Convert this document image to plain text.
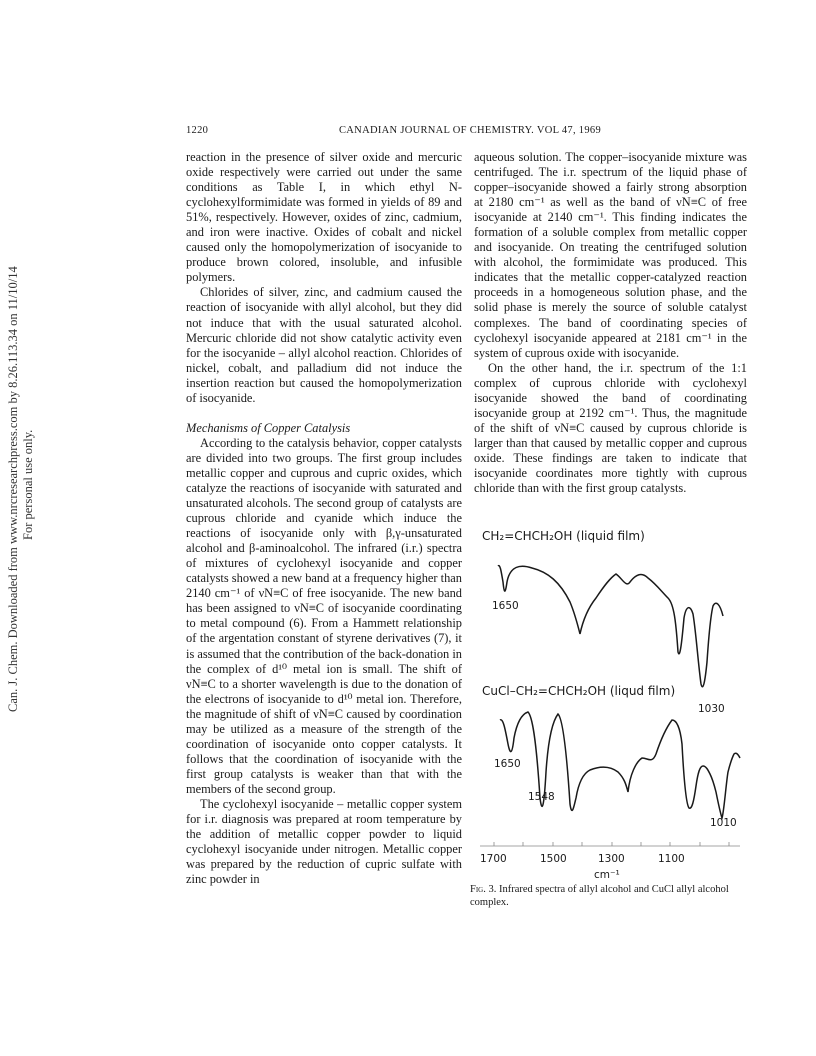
Can. J. Chem. Downloaded from www.nrcresearchpress.com by 8.26.113.34 on 11/10/14 For personal use only.
1220	CANADIAN JOURNAL OF CHEMISTRY. VOL 47, 1969

reaction in the presence of silver oxide and mercuric oxide respectively were carried out under the same conditions as Table I, in which ethyl N-cyclohexylformimidate was formed in yields of 89 and 51%, respectively. However, oxides of zinc, cadmium, and iron were inactive. Oxides of cobalt and nickel caused only the homopolymerization of isocyanide to produce brown colored, insoluble, and infusible polymers.

Chlorides of silver, zinc, and cadmium caused the reaction of isocyanide with allyl alcohol, but they did not induce that with the usual saturated alcohol. Mercuric chloride did not show catalytic activity even for the isocyanide – allyl alcohol reaction. Chlorides of nickel, cobalt, and palladium did not induce the insertion reaction but caused the homopolymerization of isocyanide.

Mechanisms of Copper Catalysis

According to the catalysis behavior, copper catalysts are divided into two groups. The first group includes metallic copper and cuprous and cupric oxides, which catalyze the reactions of isocyanide with saturated and unsaturated alcohols. The second group of catalysts are cuprous chloride and cyanide which induce the reactions of isocyanide only with β,γ-unsaturated alcohol and β-aminoalcohol. The infrared (i.r.) spectra of mixtures of cyclohexyl isocyanide and copper catalysts showed a new band at a frequency higher than 2140 cm⁻¹ of νN≡C of free isocyanide. The new band has been assigned to νN≡C of isocyanide coordinating to metal compound (6). From a Hammett relationship of the argentation constant of styrene derivatives (7), it is assumed that the contribution of the back-donation in the complex of d¹⁰ metal ion is small. The shift of νN≡C to a shorter wavelength is due to the donation of the electrons of isocyanide to d¹⁰ metal ion. Therefore, the magnitude of shift of νN≡C caused by coordination may be utilized as a measure of the strength of the coordination of isocyanide onto copper catalysts. It follows that the coordination of isocyanide with the first group catalysts is weaker than that with the members of the second group.

The cyclohexyl isocyanide – metallic copper system for i.r. diagnosis was prepared at room temperature by the addition of metallic copper powder to liquid cyclohexyl isocyanide under nitrogen. Metallic copper was prepared by the reduction of cupric sulfate with zinc powder in

aqueous solution. The copper–isocyanide mixture was centrifuged. The i.r. spectrum of the liquid phase of copper–isocyanide showed a fairly strong absorption at 2180 cm⁻¹ as well as the band of νN≡C of free isocyanide at 2140 cm⁻¹. This finding indicates the formation of a soluble complex from metallic copper and isocyanide. On treating the centrifuged solution with alcohol, the formimidate was produced. This indicates that the metallic copper-catalyzed reaction proceeds in a homogeneous solution phase, and the solid phase is merely the source of soluble catalyst complexes. The band of coordinating species of cyclohexyl isocyanide appeared at 2181 cm⁻¹ in the system of cuprous oxide with isocyanide.

On the other hand, the i.r. spectrum of the 1:1 complex of cuprous chloride with cyclohexyl isocyanide showed the band of coordinating isocyanide group at 2192 cm⁻¹. Thus, the magnitude of the shift of νN≡C caused by cuprous chloride is larger than that caused by metallic copper and cuprous oxide. These findings are taken to indicate that isocyanide coordinates more tightly with cuprous chloride than with the first group catalysts.

CH₂=CHCH₂OH (liquid film)
1650
1030
CuCl–CH₂=CHCH₂OH (liqud film)
1650
1548
1010
1700	1500	1300	1100
cm⁻¹
Fig. 3. Infrared spectra of allyl alcohol and CuCl allyl alcohol complex.
